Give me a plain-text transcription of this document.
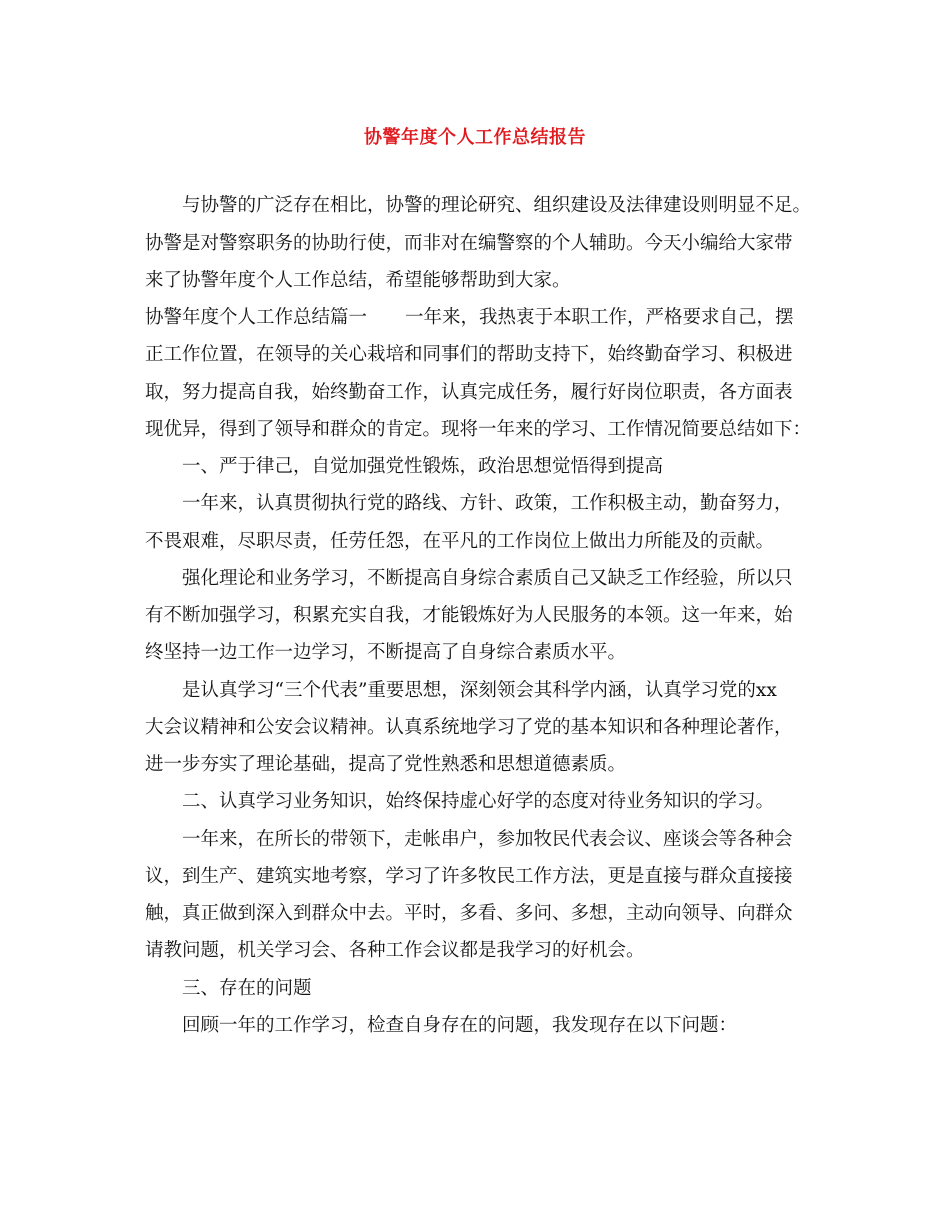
协警年度个人工作总结报告
与协警的广泛存在相比，协警的理论研究、组织建设及法律建设则明显不足。
协警是对警察职务的协助行使，而非对在编警察的个人辅助。今天小编给大家带
来了协警年度个人工作总结，希望能够帮助到大家。
协警年度个人工作总结篇一 一年来，我热衷于本职工作，严格要求自己，摆
正工作位置，在领导的关心栽培和同事们的帮助支持下，始终勤奋学习、积极进
取，努力提高自我，始终勤奋工作，认真完成任务，履行好岗位职责，各方面表
现优异，得到了领导和群众的肯定。现将一年来的学习、工作情况简要总结如下：
一、严于律己，自觉加强党性锻炼，政治思想觉悟得到提高
一年来，认真贯彻执行党的路线、方针、政策，工作积极主动，勤奋努力，
不畏艰难，尽职尽责，任劳任怨，在平凡的工作岗位上做出力所能及的贡献。
强化理论和业务学习，不断提高自身综合素质自己又缺乏工作经验，所以只
有不断加强学习，积累充实自我，才能锻炼好为人民服务的本领。这一年来，始
终坚持一边工作一边学习，不断提高了自身综合素质水平。
是认真学习“三个代表”重要思想，深刻领会其科学内涵，认真学习党的xx
大会议精神和公安会议精神。认真系统地学习了党的基本知识和各种理论著作，
进一步夯实了理论基础，提高了党性熟悉和思想道德素质。
二、认真学习业务知识，始终保持虚心好学的态度对待业务知识的学习。
一年来，在所长的带领下，走帐串户，参加牧民代表会议、座谈会等各种会
议，到生产、建筑实地考察，学习了许多牧民工作方法，更是直接与群众直接接
触，真正做到深入到群众中去。平时，多看、多问、多想，主动向领导、向群众
请教问题，机关学习会、各种工作会议都是我学习的好机会。
三、存在的问题
回顾一年的工作学习，检查自身存在的问题，我发现存在以下问题：
